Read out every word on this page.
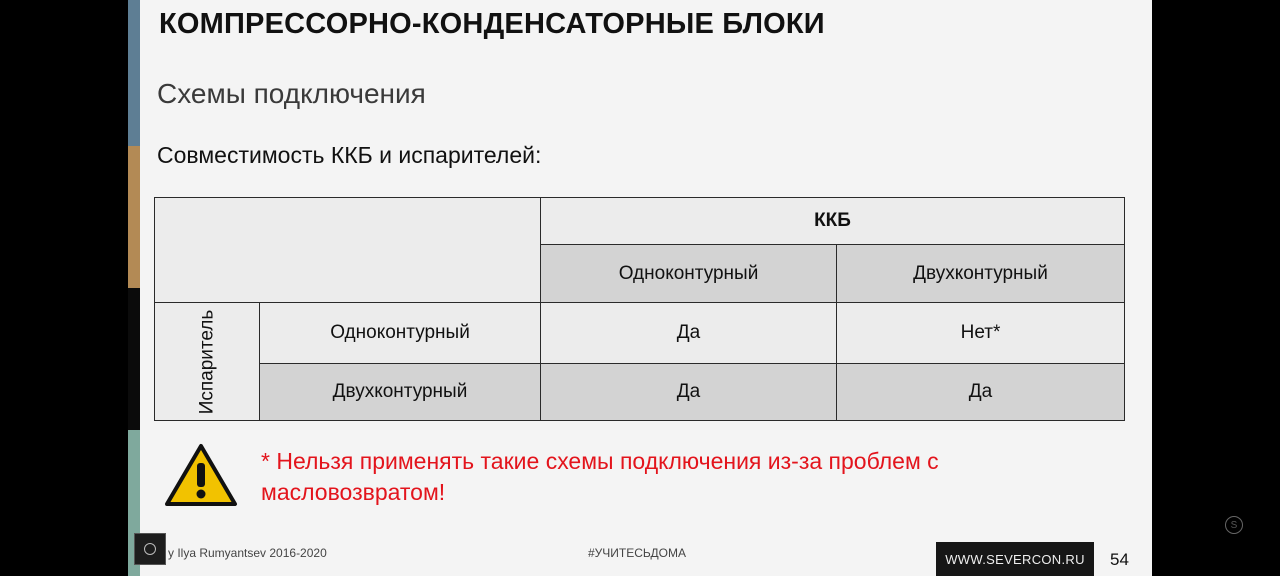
КОМПРЕССОРНО-КОНДЕНСАТОРНЫЕ БЛОКИ
Схемы подключения
Совместимость ККБ и испарителей:
ККБ
Одноконтурный	Двухконтурный
Испаритель	Одноконтурный	Да	Нет*
Двухконтурный	Да	Да
* Нельзя применять такие схемы подключения из-за проблем с масловозвратом!
y Ilya Rumyantsev 2016-2020	#УЧИТЕСЬДОМА	WWW.SEVERCON.RU	54
S
